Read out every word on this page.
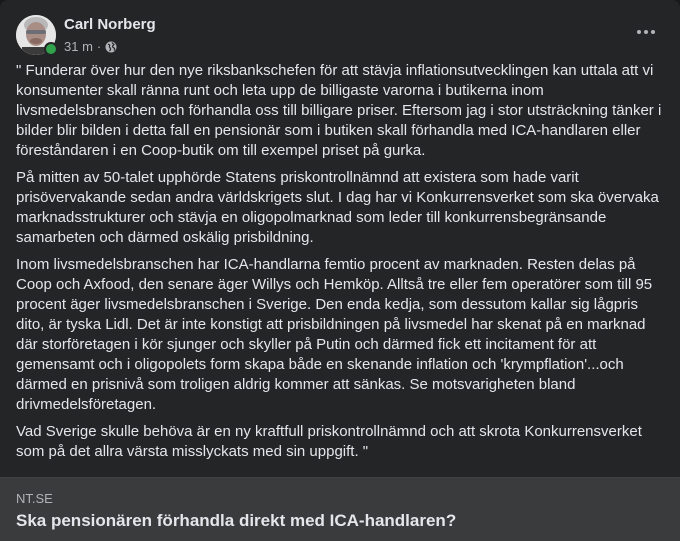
Carl Norberg
31 m ·

" Funderar över hur den nye riksbankschefen för att stävja inflationsutvecklingen kan uttala att vi konsumenter skall ränna runt och leta upp de billigaste varorna i butikerna inom livsmedelsbranschen och förhandla oss till billigare priser. Eftersom jag i stor utsträckning tänker i bilder blir bilden i detta fall en pensionär som i butiken skall förhandla med ICA-handlaren eller föreståndaren i en Coop-butik om till exempel priset på gurka.

På mitten av 50-talet upphörde Statens priskontrollnämnd att existera som hade varit prisövervakande sedan andra världskrigets slut. I dag har vi Konkurrensverket som ska övervaka marknadsstrukturer och stävja en oligopolmarknad som leder till konkurrensbegränsande samarbeten och därmed oskälig prisbildning.

Inom livsmedelsbranschen har ICA-handlarna femtio procent av marknaden. Resten delas på Coop och Axfood, den senare äger Willys och Hemköp. Alltså tre eller fem operatörer som till 95 procent äger livsmedelsbranschen i Sverige. Den enda kedja, som dessutom kallar sig lågpris dito, är tyska Lidl. Det är inte konstigt att prisbildningen på livsmedel har skenat på en marknad där storföretagen i kör sjunger och skyller på Putin och därmed fick ett incitament för att gemensamt och i oligopolets form skapa både en skenande inflation och 'krympflation'...och därmed en prisnivå som troligen aldrig kommer att sänkas. Se motsvarigheten bland drivmedelsföretagen.

Vad Sverige skulle behöva är en ny kraftfull priskontrollnämnd och att skrota Konkurrensverket som på det allra värsta misslyckats med sin uppgift. "

NT.SE
Ska pensionären förhandla direkt med ICA-handlaren?
